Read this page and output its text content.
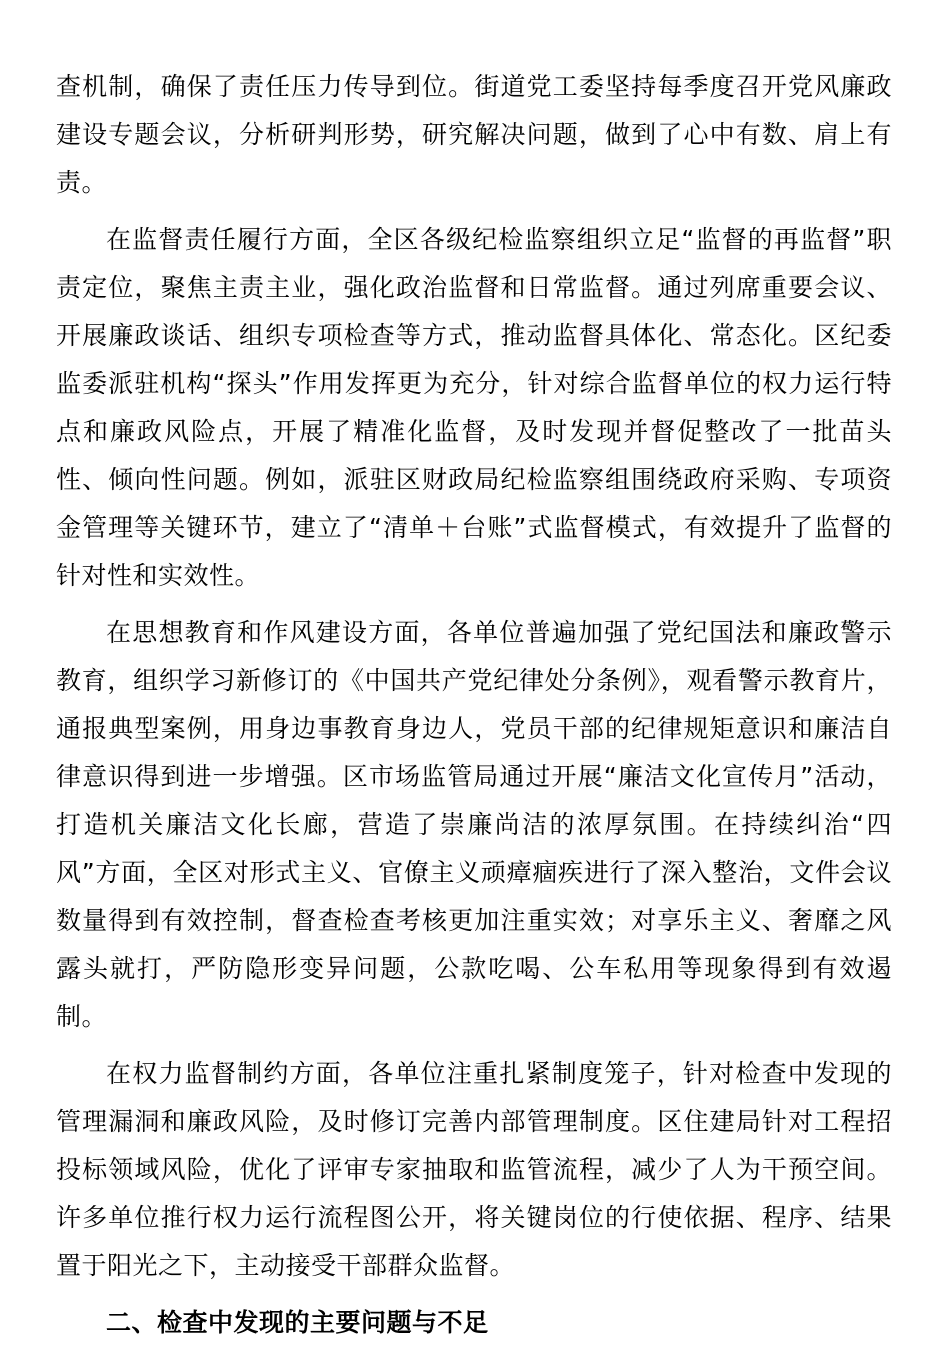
查机制，确保了责任压力传导到位。街道党工委坚持每季度召开党风廉政建设专题会议，分析研判形势，研究解决问题，做到了心中有数、肩上有责。

在监督责任履行方面，全区各级纪检监察组织立足“监督的再监督”职责定位，聚焦主责主业，强化政治监督和日常监督。通过列席重要会议、开展廉政谈话、组织专项检查等方式，推动监督具体化、常态化。区纪委监委派驻机构“探头”作用发挥更为充分，针对综合监督单位的权力运行特点和廉政风险点，开展了精准化监督，及时发现并督促整改了一批苗头性、倾向性问题。例如，派驻区财政局纪检监察组围绕政府采购、专项资金管理等关键环节，建立了“清单＋台账”式监督模式，有效提升了监督的针对性和实效性。

在思想教育和作风建设方面，各单位普遍加强了党纪国法和廉政警示教育，组织学习新修订的《中国共产党纪律处分条例》，观看警示教育片，通报典型案例，用身边事教育身边人，党员干部的纪律规矩意识和廉洁自律意识得到进一步增强。区市场监管局通过开展“廉洁文化宣传月”活动，打造机关廉洁文化长廊，营造了崇廉尚洁的浓厚氛围。在持续纠治“四风”方面，全区对形式主义、官僚主义顽瘴痼疾进行了深入整治，文件会议数量得到有效控制，督查检查考核更加注重实效；对享乐主义、奢靡之风露头就打，严防隐形变异问题，公款吃喝、公车私用等现象得到有效遏制。

在权力监督制约方面，各单位注重扎紧制度笼子，针对检查中发现的管理漏洞和廉政风险，及时修订完善内部管理制度。区住建局针对工程招投标领域风险，优化了评审专家抽取和监管流程，减少了人为干预空间。许多单位推行权力运行流程图公开，将关键岗位的行使依据、程序、结果置于阳光之下，主动接受干部群众监督。

二、检查中发现的主要问题与不足
